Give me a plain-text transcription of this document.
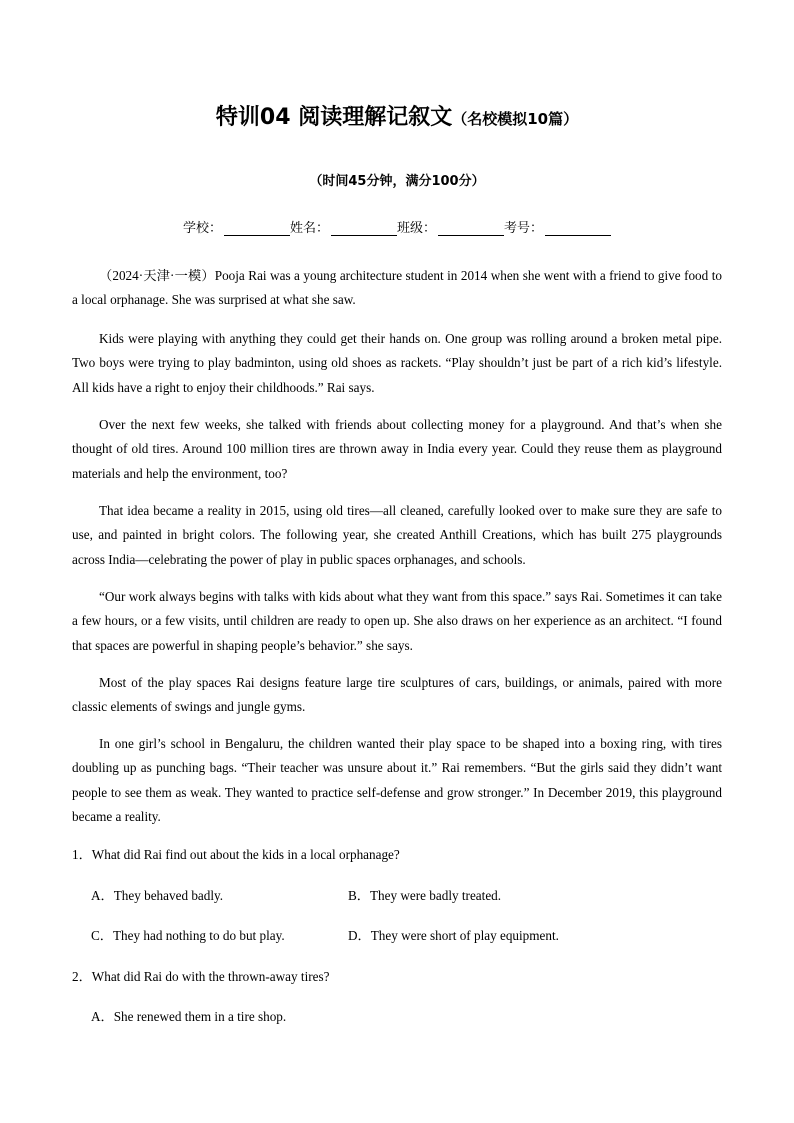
特训04 阅读理解记叙文（名校模拟10篇）
（时间45分钟，满分100分）
学校：	姓名：	班级：	考号：

（2024·天津·一模）Pooja Rai was a young architecture student in 2014 when she went with a friend to give food to a local orphanage. She was surprised at what she saw.

Kids were playing with anything they could get their hands on. One group was rolling around a broken metal pipe. Two boys were trying to play badminton, using old shoes as rackets. “Play shouldn’t just be part of a rich kid’s lifestyle. All kids have a right to enjoy their childhoods.” Rai says.

Over the next few weeks, she talked with friends about collecting money for a playground. And that’s when she thought of old tires. Around 100 million tires are thrown away in India every year. Could they reuse them as playground materials and help the environment, too?

That idea became a reality in 2015, using old tires—all cleaned, carefully looked over to make sure they are safe to use, and painted in bright colors. The following year, she created Anthill Creations, which has built 275 playgrounds across India—celebrating the power of play in public spaces orphanages, and schools.

“Our work always begins with talks with kids about what they want from this space.” says Rai. Sometimes it can take a few hours, or a few visits, until children are ready to open up. She also draws on her experience as an architect. “I found that spaces are powerful in shaping people’s behavior.” she says.

Most of the play spaces Rai designs feature large tire sculptures of cars, buildings, or animals, paired with more classic elements of swings and jungle gyms.

In one girl’s school in Bengaluru, the children wanted their play space to be shaped into a boxing ring, with tires doubling up as punching bags. “Their teacher was unsure about it.” Rai remembers. “But the girls said they didn’t want people to see them as weak. They wanted to practice self-defense and grow stronger.” In December 2019, this playground became a reality.

1．What did Rai find out about the kids in a local orphanage?

A．They behaved badly.	B．They were badly treated.
C．They had nothing to do but play.	D．They were short of play equipment.

2．What did Rai do with the thrown-away tires?

A．She renewed them in a tire shop.
